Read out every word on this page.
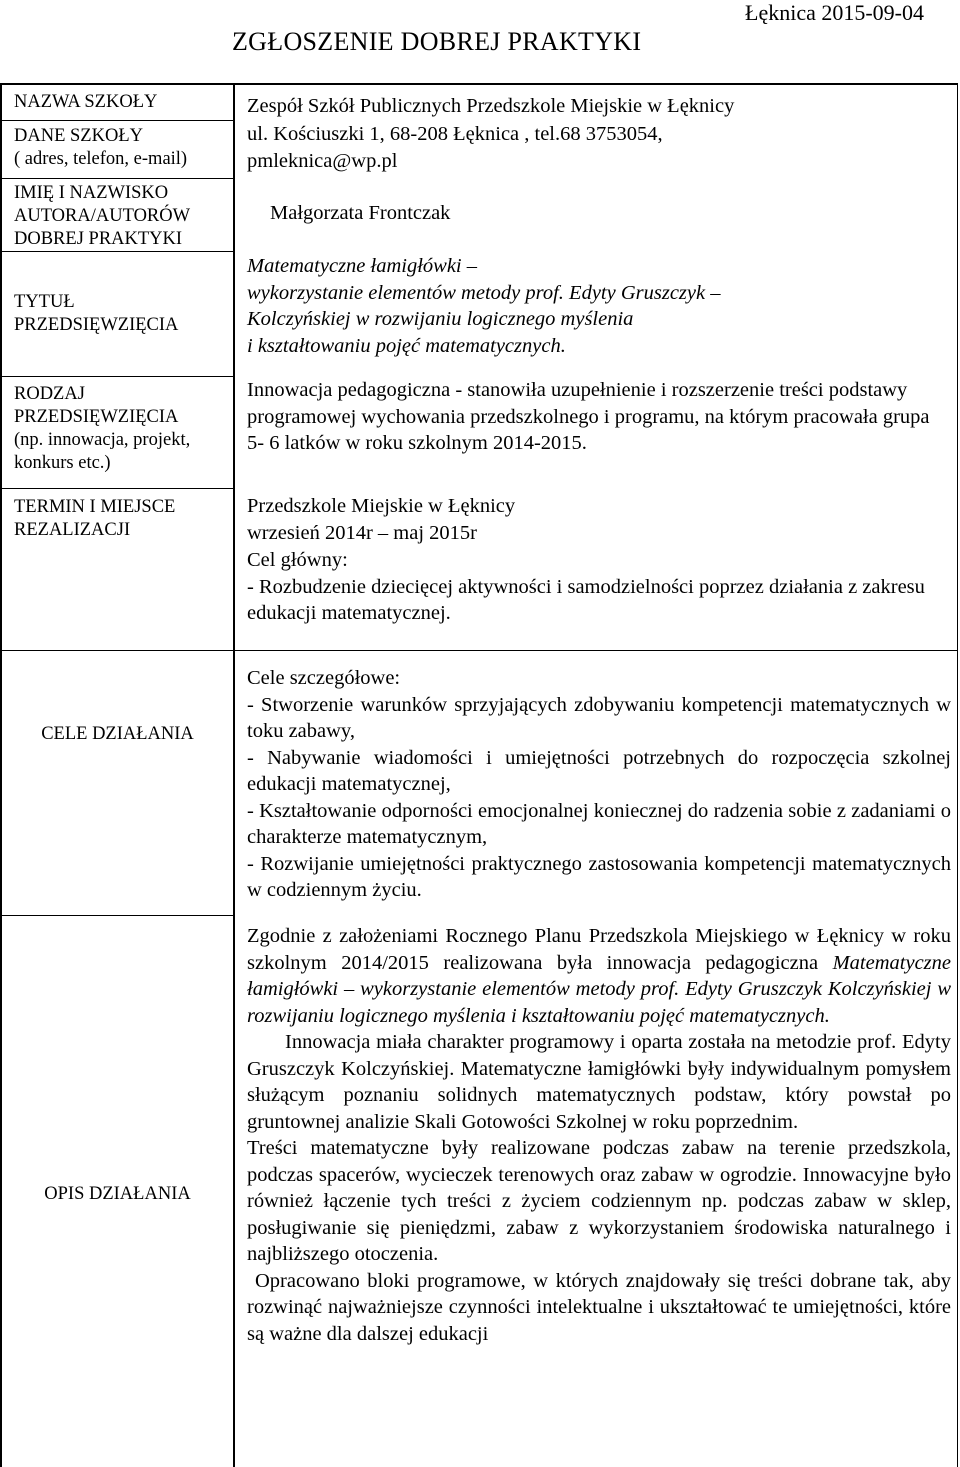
Łęknica 2015-09-04
ZGŁOSZENIE DOBREJ PRAKTYKI
NAZWA SZKOŁY
DANE SZKOŁY
( adres, telefon, e-mail)
IMIĘ I NAZWISKO
AUTORA/AUTORÓW
DOBREJ PRAKTYKI
TYTUŁ
PRZEDSIĘWZIĘCIA
RODZAJ
PRZEDSIĘWZIĘCIA
(np. innowacja, projekt,
konkurs etc.)
TERMIN I MIEJSCE
REZALIZACJI
CELE DZIAŁANIA
OPIS DZIAŁANIA

Zespół Szkół Publicznych Przedszkole Miejskie w Łęknicy

ul. Kościuszki 1, 68-208 Łęknica , tel.68 3753054,

pmleknica@wp.pl

Małgorzata Frontczak

Matematyczne łamigłówki –

wykorzystanie elementów metody prof. Edyty Gruszczyk –

Kolczyńskiej w rozwijaniu logicznego myślenia

i kształtowaniu pojęć matematycznych.

Innowacja pedagogiczna - stanowiła uzupełnienie i rozszerzenie treści podstawy programowej wychowania przedszkolnego i programu, na którym pracowała grupa 5- 6 latków w roku szkolnym 2014-2015.

Przedszkole Miejskie w Łęknicy

wrzesień 2014r – maj 2015r

Cel główny:

- Rozbudzenie dziecięcej aktywności i samodzielności poprzez działania z zakresu edukacji matematycznej.

Cele szczegółowe:

- Stworzenie warunków sprzyjających zdobywaniu kompetencji matematycznych w toku zabawy,

- Nabywanie wiadomości i umiejętności potrzebnych do rozpoczęcia szkolnej edukacji matematycznej,

- Kształtowanie odporności emocjonalnej koniecznej do radzenia sobie z zadaniami o charakterze matematycznym,

- Rozwijanie umiejętności praktycznego zastosowania kompetencji matematycznych w codziennym życiu.

Zgodnie z założeniami Rocznego Planu Przedszkola Miejskiego w Łęknicy w roku szkolnym 2014/2015 realizowana była innowacja pedagogiczna Matematyczne łamigłówki – wykorzystanie elementów metody prof. Edyty Gruszczyk Kolczyńskiej w rozwijaniu logicznego myślenia i kształtowaniu pojęć matematycznych.

Innowacja miała charakter programowy i oparta została na metodzie prof. Edyty Gruszczyk Kolczyńskiej. Matematyczne łamigłówki były indywidualnym pomysłem służącym poznaniu solidnych matematycznych podstaw, który powstał po gruntownej analizie Skali Gotowości Szkolnej w roku poprzednim.

Treści matematyczne były realizowane podczas zabaw na terenie przedszkola, podczas spacerów, wycieczek terenowych oraz zabaw w ogrodzie. Innowacyjne było również łączenie tych treści z życiem codziennym np. podczas zabaw w sklep, posługiwanie się pieniędzmi, zabaw z wykorzystaniem środowiska naturalnego i najbliższego otoczenia.

Opracowano bloki programowe, w których znajdowały się treści dobrane tak, aby rozwinąć najważniejsze czynności intelektualne i ukształtować te umiejętności, które są ważne dla dalszej edukacji
